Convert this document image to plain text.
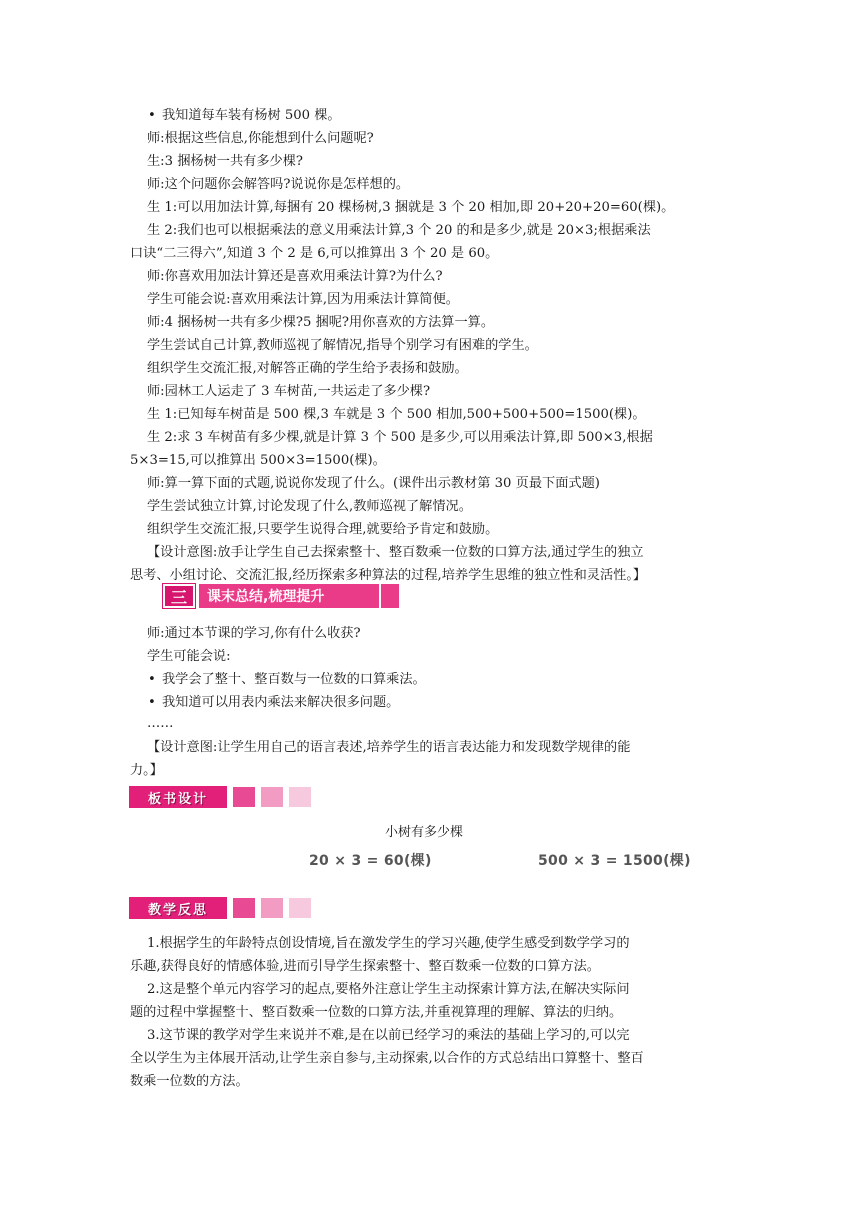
• 我知道每车装有杨树 500 棵。
师:根据这些信息,你能想到什么问题呢?
生:3 捆杨树一共有多少棵?
师:这个问题你会解答吗?说说你是怎样想的。
生 1:可以用加法计算,每捆有 20 棵杨树,3 捆就是 3 个 20 相加,即 20+20+20=60(棵)。
生 2:我们也可以根据乘法的意义用乘法计算,3 个 20 的和是多少,就是 20×3;根据乘法
口诀“二三得六”,知道 3 个 2 是 6,可以推算出 3 个 20 是 60。
师:你喜欢用加法计算还是喜欢用乘法计算?为什么?
学生可能会说:喜欢用乘法计算,因为用乘法计算简便。
师:4 捆杨树一共有多少棵?5 捆呢?用你喜欢的方法算一算。
学生尝试自己计算,教师巡视了解情况,指导个别学习有困难的学生。
组织学生交流汇报,对解答正确的学生给予表扬和鼓励。
师:园林工人运走了 3 车树苗,一共运走了多少棵?
生 1:已知每车树苗是 500 棵,3 车就是 3 个 500 相加,500+500+500=1500(棵)。
生 2:求 3 车树苗有多少棵,就是计算 3 个 500 是多少,可以用乘法计算,即 500×3,根据
5×3=15,可以推算出 500×3=1500(棵)。
师:算一算下面的式题,说说你发现了什么。(课件出示教材第 30 页最下面式题)
学生尝试独立计算,讨论发现了什么,教师巡视了解情况。
组织学生交流汇报,只要学生说得合理,就要给予肯定和鼓励。
【设计意图:放手让学生自己去探索整十、整百数乘一位数的口算方法,通过学生的独立
思考、小组讨论、交流汇报,经历探索多种算法的过程,培养学生思维的独立性和灵活性。】
三	课末总结,梳理提升
师:通过本节课的学习,你有什么收获?
学生可能会说:
• 我学会了整十、整百数与一位数的口算乘法。
• 我知道可以用表内乘法来解决很多问题。
……
【设计意图:让学生用自己的语言表述,培养学生的语言表达能力和发现数学规律的能
力。】
板书设计
小树有多少棵
20 × 3 = 60(棵)	500 × 3 = 1500(棵)
教学反思
1.根据学生的年龄特点创设情境,旨在激发学生的学习兴趣,使学生感受到数学学习的
乐趣,获得良好的情感体验,进而引导学生探索整十、整百数乘一位数的口算方法。
2.这是整个单元内容学习的起点,要格外注意让学生主动探索计算方法,在解决实际问
题的过程中掌握整十、整百数乘一位数的口算方法,并重视算理的理解、算法的归纳。
3.这节课的教学对学生来说并不难,是在以前已经学习的乘法的基础上学习的,可以完
全以学生为主体展开活动,让学生亲自参与,主动探索,以合作的方式总结出口算整十、整百
数乘一位数的方法。
